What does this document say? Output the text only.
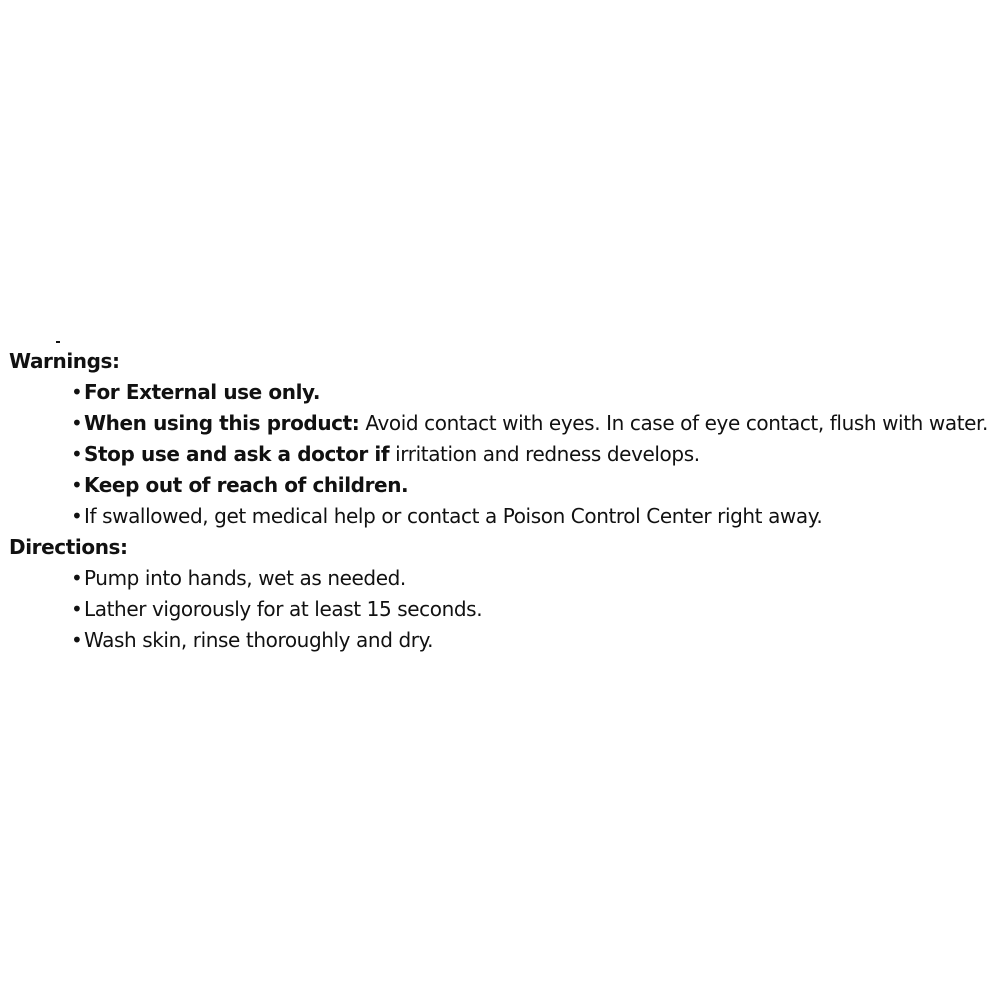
Warnings:
•For External use only.
•When using this product: Avoid contact with eyes. In case of eye contact, flush with water.
•Stop use and ask a doctor if irritation and redness develops.
•Keep out of reach of children.
•If swallowed, get medical help or contact a Poison Control Center right away.
Directions:
•Pump into hands, wet as needed.
•Lather vigorously for at least 15 seconds.
•Wash skin, rinse thoroughly and dry.
